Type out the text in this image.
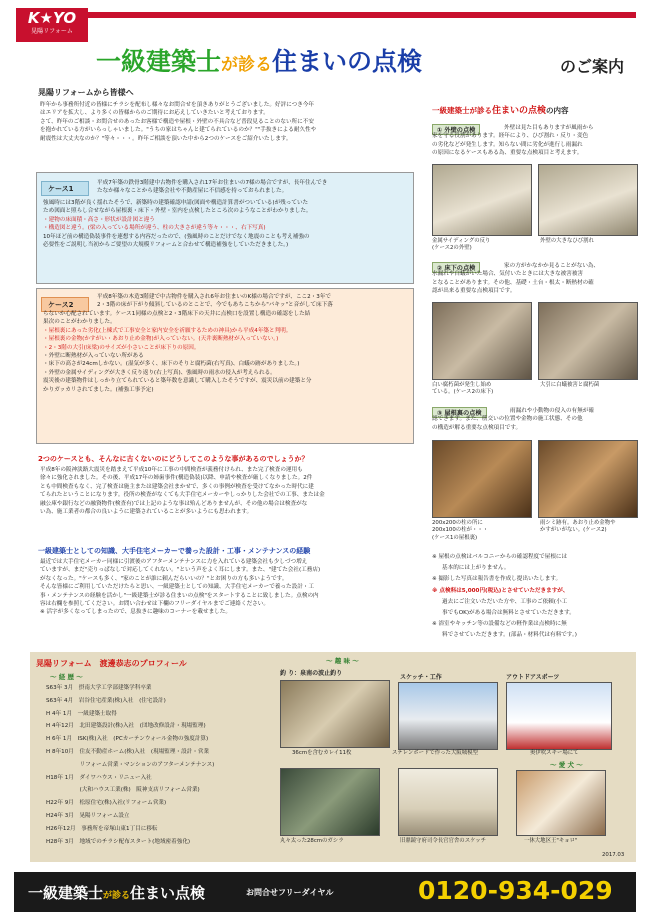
K★YO
晃陽リフォーム
一級建築士が診る住まいの点検	のご案内
晃陽リフォームから皆様へ
昨年から事務所付近の皆様にチラシを配布し様々なお問合せを頂きありがとうございました。好評につき今年
はエリアを拡大し、より多くの皆様からのご期待にお応えしていきたいと考えております。
さて、昨年のご相談・お問合せのあったお客様で構造や屋根・外壁の不具合など普段見ることのない所に不安
を抱かれている方がいらっしゃいました。"うちの家はちゃんと建てられているのか？""手抜きによる耐久性や
耐震性は大丈夫なのか？"等々・・・。昨年ご相談を頂いた中から2つのケースをご紹介いたします。
ケース1
平成7年築の鉄骨3階建中古物件を購入され17年お住まいの7様の場合ですが、長年住んでき
たなか様々なことから建築会社や不動産屋に不信感を持っておられました。
強風時には3階が良く揺れたそうで、新築時の建築確認申請(図面や構造計算書がついている)が残っていた
ため図面と照らし合せながら屋根裏・床下・外壁・室内を点検したところ次のようなことがわかりました。
・建物の床面積・高さ・形状が設計図と違う
・構造図と違う。(梁の入っている場所が違う、柱の大きさが違う等々・・・、右下写真)
10年ほど前の構造偽装事件を連想する内容だったので、(強風時のことだけでなく地震のことも考え補強の
必要性をご説明し当初からご要望の大規模リフォームと合わせて構造補強をしていただきました。)
ケース2
平成8年築の木造3階建で中古物件を購入され6年お住まいのK様の場合ですが、ここ2・3年で
2・3階の床が下がり傾斜しているのとことで、今でもあちこちから"パキッ"と音がして床下落
ちないか心配されています。ケース1同様の点検と2・3階床下の天井に点検口を設置し構造の確認をした結
果次のことがわかりました。
・屋根裏にあった劣化(上棟式で工事安全と家内安全を祈願するための神具)から平成4年築と判明。
・屋根裏の金物(かすがい・あおり止め金物)が入っていない。(天井裏断熱材が入っていない。)
・2・3階の大引(床梁)のサイズが小さいことが床下りの原因。
・外壁に断熱材が入っていない所がある
・床下の高さが24cmしかない。(湿気が多く、床下のそりと腐朽菌(右写真)、白蟻の跡がありました。)
・外壁の金属サイディングが大きく反り返り(右上写真)、強風時の雨水の侵入が考えられる。
震災後の建築物件はしっかり立てられていると築年数を意識して購入したそうですが、震災以前の建築と分
かりガッカリされてました。(補強工事予定)
2つのケースとも、そんなに古くないのにどうしてこのような事があるのでしょうか？
平成8年の阪神淡路大震災を踏まえて平成10年に工事の中間検査が義務付けられ、また完了検査の運用も
徐々に強化されました。その後、平成17年の姉歯事件(構造偽装)以降、申請や検査が厳しくなりました。2件
とも中間検査もなく、完了検査は施主または建築会社まかせで、多くの事例が検査を受けてなかった時代に建
てられたということになります。役所の検査がなくても大手住宅メーカーやしっかりした会社での工事、または金
融公庫や銀行などの融資物件(検査有)では上記のような事は殆んどありませんが、その他の場合は検査がな
い為、施工業者の都合の良いように建築されていることが多いようにも思われます。
一級建築士としての知識、大手住宅メーカーで養った設計・工事・メンテナンスの経験
最近では大手住宅メーカー同様に引渡後のアフターメンテナンスに力を入れている建築会社も少しづつ増え
ていますが、まだ"売りっぱなしで対応してくれない。"という声をよく耳にします。また、"建てた会社(工務店)
がなくなった。"ケースも多く、"家のことが誰に頼んだらいいの？"とお困りの方も多いようです。
そんな皆様にご利用していただけたらと思い、一級建築士としての知識、大手住宅メーカーで養った設計・工
事・メンテナンスの経験を活かし"一級建築士が診る住まいの点検"をスタートすることに致しました。点検の内
容は右欄を参照してください。お問い合わせは下欄のフリーダイヤルまでご連絡ください。
※ 活字が多くなってしまったので、息抜きに趣味のコーナーを載せました。
一級建築士が診る住まいの点検の内容
① 外壁の点検	外壁は見た目もありますが風雨から
家を守る役割があります。経年により、ひび割れ・反り・変色
の劣化などが発生します。知らない間に劣化が進行し雨漏れ
の原因になるケースもある為、重要な点検項目と考えます。
金属サイディングの反り
(ケース2の外壁)
外壁の大きなひび割れ
② 床下の点検	家の方がかなかか見ることがない為、
水漏れや白蟻がいた場合、気付いたときには大きな被害被害
となることがあります。その他、基礎・土台・根太・断熱材の確
認が出来る重要な点検項目です。
白い腐朽菌が発生し始め
ている。(ケース2の床下)
大引に白蟻被害と腐朽菌
③ 屋根裏の点検	雨漏れや小動物の侵入の有無が確
認できます。また、筋交いの位置や金物の施工状態、その他
の構造が解る重要な点検項目です。
200x200の柱の所に
200x100の柱が・・・
(ケース1の屋根裏)
雨シミ跡有。あおり止め金物や
かすがいがない。(ケース2)
※ 屋根の点検はバルコニーからの確認程度で屋根には
基本的には上がりません。
※ 撮影した写真は報告書を作成し提出いたします。
※ 点検料は5,000円(税込)とさせていただきますが、
過去にご注文いただいた方や、工事のご依頼(小工
事でもOK)がある場合は無料とさせていただきます。
※ 浴室やキッチン等の設備などの軽作業は点検時に無
料でさせていただきます。(部品・材料代は有料です。)
晃陽リフォーム　渡邊恭志のプロフィール
～ 経 歴 ～
S63年 3月　摂南大学工学部建築学科卒業
S63年 4月　岩谷住宅産業(株)入社　(住宅設計)
H 4年 1月　一級建築士取得
H 4年12月　北田建築設計(株)入社　(団地改修設計・現場監理)
H 6年 1月　ISK(株)入社　(PCカーテンウォール金物の強度計算)
H 8年10月　住友不動産ホーム(株)入社　(現場監理・設計・営業
　　　　　　リフォーム営業・マンションのアフターメンテナンス)
H18年 1月　ダイワハウス・リニュー入社
　　　　　　(大和ハウス工業(株)　阪神支店リフォーム営業)
H22年 9月　松原住宅(株)入社(リフォーム営業)
H24年 3月　晃陽リフォーム設立
H26年12月　事務所を帝塚山東1丁目に移転
H28年 3月　地域でのチラシ配布スタート(地域密着強化)
～ 趣 味 ～
釣 り：泉南の波止釣り
スケッチ・工作	アウトドアスポーツ
36cmを含むカレイ11枚	ステレンボードで作った大阪城模型	奥伊吹スキー場にて
～ 愛 犬 ～
丸々太った28cmのガシラ	旧鼎鏡守府司令長官官舎のスケッチ	一休大地区王"キョロ"
2017.03
一級建築士が診る住まい点検	お問合せフリーダイヤル	0120-934-029
